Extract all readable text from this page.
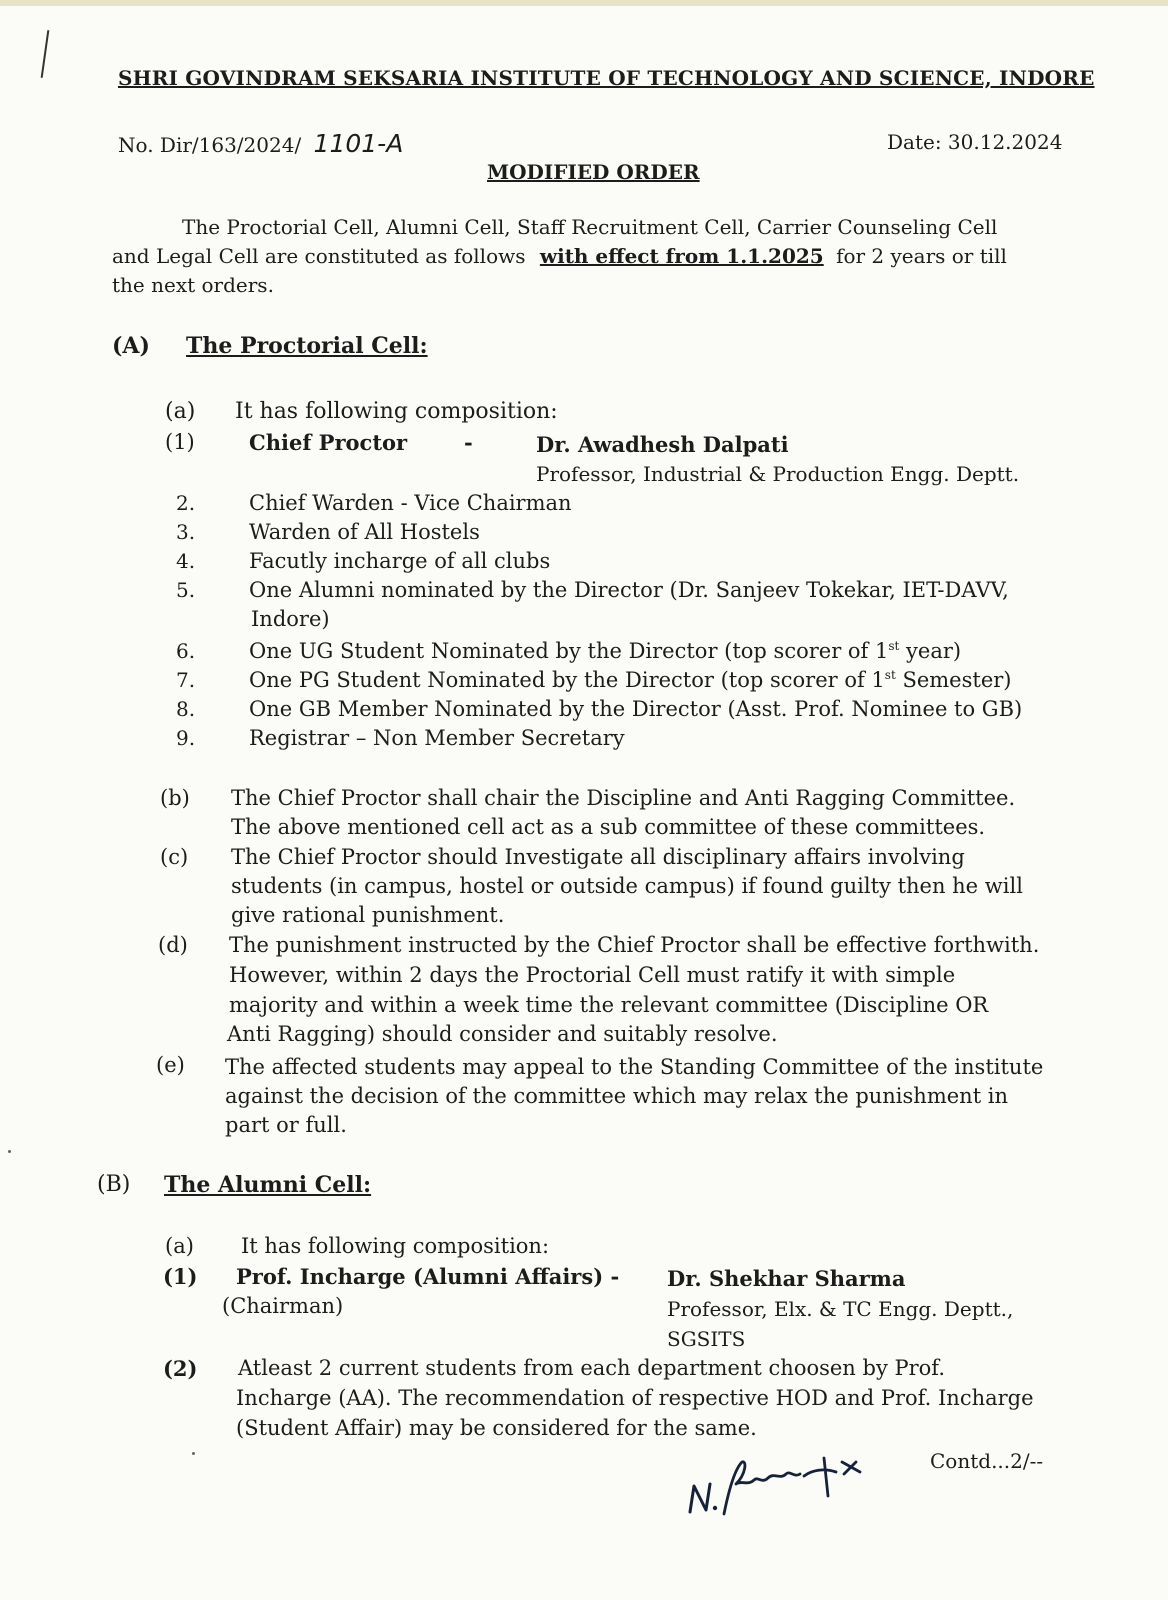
SHRI GOVINDRAM SEKSARIA INSTITUTE OF TECHNOLOGY AND SCIENCE, INDORE
No. Dir/163/2024/ 1101-A	Date: 30.12.2024
MODIFIED ORDER
The Proctorial Cell, Alumni Cell, Staff Recruitment Cell, Carrier Counseling Cell
and Legal Cell are constituted as follows with effect from 1.1.2025 for 2 years or till
the next orders.
(A) The Proctorial Cell:
(a) It has following composition:
(1)	Chief Proctor	-	Dr. Awadhesh Dalpati
Professor, Industrial & Production Engg. Deptt.
2.	Chief Warden - Vice Chairman
3.	Warden of All Hostels
4.	Facutly incharge of all clubs
5.	One Alumni nominated by the Director (Dr. Sanjeev Tokekar, IET-DAVV,
Indore)
6.	One UG Student Nominated by the Director (top scorer of 1st year)
7.	One PG Student Nominated by the Director (top scorer of 1st Semester)
8.	One GB Member Nominated by the Director (Asst. Prof. Nominee to GB)
9.	Registrar – Non Member Secretary
(b) The Chief Proctor shall chair the Discipline and Anti Ragging Committee.
The above mentioned cell act as a sub committee of these committees.
(c) The Chief Proctor should Investigate all disciplinary affairs involving
students (in campus, hostel or outside campus) if found guilty then he will
give rational punishment.
(d) The punishment instructed by the Chief Proctor shall be effective forthwith.
However, within 2 days the Proctorial Cell must ratify it with simple
majority and within a week time the relevant committee (Discipline OR
Anti Ragging) should consider and suitably resolve.
(e) The affected students may appeal to the Standing Committee of the institute
against the decision of the committee which may relax the punishment in
part or full.
(B) The Alumni Cell:
(a) It has following composition:
(1) Prof. Incharge (Alumni Affairs) -
(Chairman)
Dr. Shekhar Sharma
Professor, Elx. & TC Engg. Deptt.,
SGSITS
(2) Atleast 2 current students from each department choosen by Prof.
Incharge (AA). The recommendation of respective HOD and Prof. Incharge
(Student Affair) may be considered for the same.
Contd...2/--
